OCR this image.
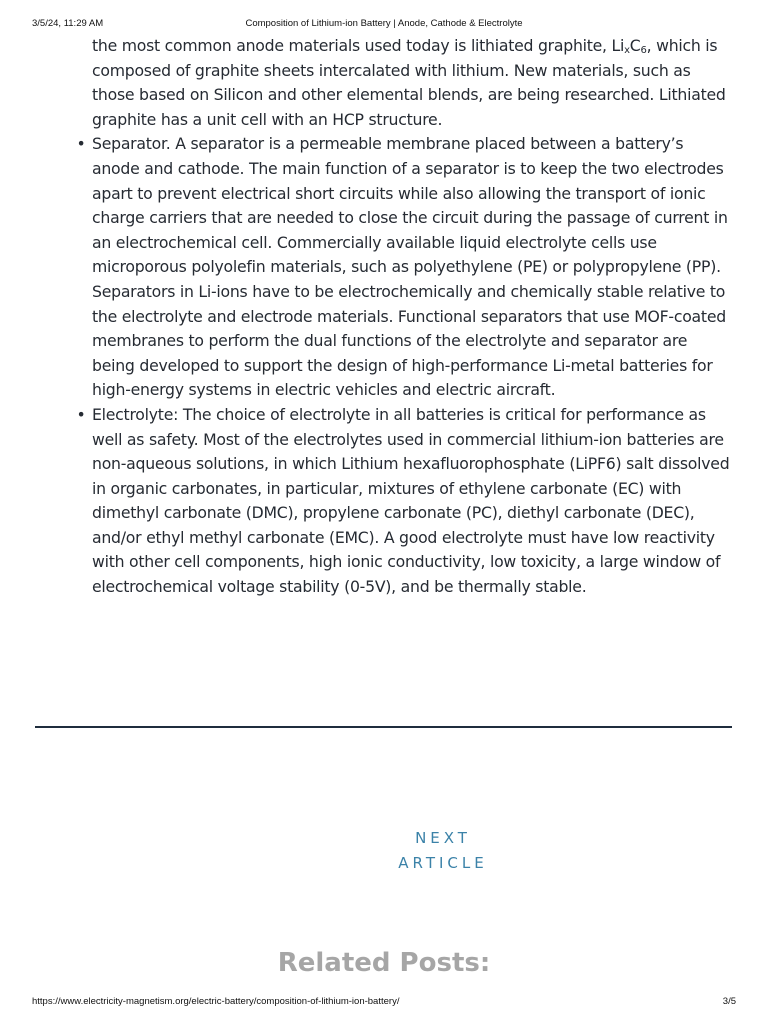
3/5/24, 11:29 AM	Composition of Lithium-ion Battery | Anode, Cathode & Electrolyte

the most common anode materials used today is lithiated graphite, $Li_xC_6$, which is composed of graphite sheets intercalated with lithium. New materials, such as those based on Silicon and other elemental blends, are being researched. Lithiated graphite has a unit cell with an HCP structure.

• Separator. A separator is a permeable membrane placed between a battery’s anode and cathode. The main function of a separator is to keep the two electrodes apart to prevent electrical short circuits while also allowing the transport of ionic charge carriers that are needed to close the circuit during the passage of current in an electrochemical cell. Commercially available liquid electrolyte cells use microporous polyolefin materials, such as polyethylene (PE) or polypropylene (PP). Separators in Li-ions have to be electrochemically and chemically stable relative to the electrolyte and electrode materials. Functional separators that use MOF-coated membranes to perform the dual functions of the electrolyte and separator are being developed to support the design of high-performance Li-metal batteries for high-energy systems in electric vehicles and electric aircraft.
• Electrolyte: The choice of electrolyte in all batteries is critical for performance as well as safety. Most of the electrolytes used in commercial lithium-ion batteries are non-aqueous solutions, in which Lithium hexafluorophosphate (LiPF6) salt dissolved in organic carbonates, in particular, mixtures of ethylene carbonate (EC) with dimethyl carbonate (DMC), propylene carbonate (PC), diethyl carbonate (DEC), and/or ethyl methyl carbonate (EMC). A good electrolyte must have low reactivity with other cell components, high ionic conductivity, low toxicity, a large window of electrochemical voltage stability (0-5V), and be thermally stable.
NEXT
ARTICLE
Related Posts:
https://www.electricity-magnetism.org/electric-battery/composition-of-lithium-ion-battery/	3/5
